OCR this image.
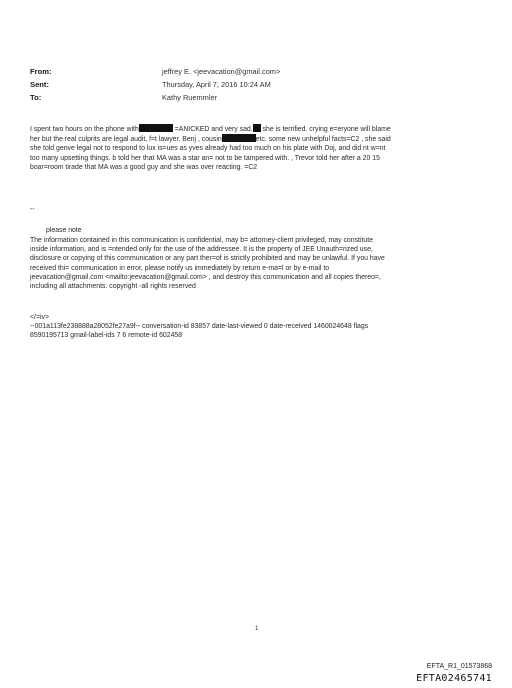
From:	jeffrey E. <jeevacation@gmail.com>
Sent:	Thursday, April 7, 2016 10:24 AM
To:	Kathy Ruemmler
I spent two hours on the phone with	=ANICKED and very sad. she is terrified. crying e=eryone will blame
her but the real culprits are legal audit, f=t lawyer. Benj , cousin	etc. some new unhelpful facts=C2 , she said
she told genve legal not to respond to lux is=ues as yves already had too much on his plate with Doj, and did nt w=nt
too many upsetting things. b told her that MA was a star an= not to be tampered with. , Trevor told her after a 20 15
boar=room tirade that MA was a good guy and she was over reacting. =C2
--
please note
The information contained in this communication is confidential, may b= attorney-client privileged, may constitute
inside information, and is =ntended only for the use of the addressee. It is the property of JEE Unauth=rized use,
disclosure or copying of this communication or any part ther=of is strictly prohibited and may be unlawful. If you have
received thi= communication in error, please notify us immediately by return e-ma=l or by e-mail to
jeevacation@gmail.com <mailto:jeevacation@gmail.com> , and destroy this communication and all copies thereo=,
including all attachments. copyright -all rights reserved
</=iv>
--001a113fe238888a28052fe27a9f-- conversation-id 83857 date-last-viewed 0 date-received 1460024648 flags
8590195713 gmail-label-ids 7 6 remote-id 602458
1
EFTA_R1_01573868
EFTA02465741
